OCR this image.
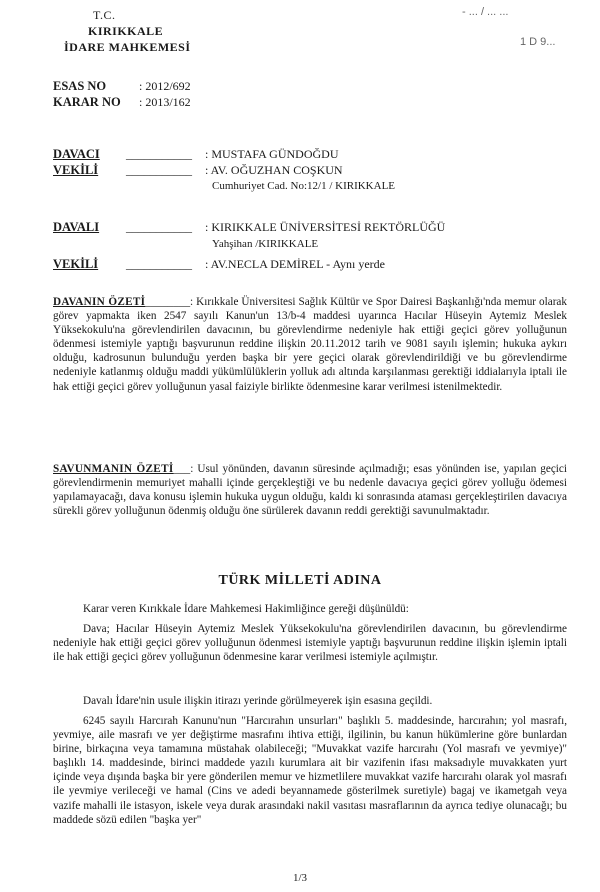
- ... / ... ...
1 D 9...
T.C.
KIRIKKALE
İDARE MAHKEMESİ
ESAS NO	: 2012/692
KARAR NO : 2013/162
DAVACI ___________ : MUSTAFA GÜNDOĞDU
VEKİLİ ___________ : AV. OĞUZHAN COŞKUN
Cumhuriyet Cad. No:12/1 / KIRIKKALE
DAVALI ___________ : KIRIKKALE ÜNİVERSİTESİ REKTÖRLÜĞÜ
Yahşihan /KIRIKKALE
VEKİLİ ___________ : AV.NECLA DEMİREL - Aynı yerde

DAVANIN ÖZETİ________: Kırıkkale Üniversitesi Sağlık Kültür ve Spor Dairesi Başkanlığı'nda memur olarak görev yapmakta iken 2547 sayılı Kanun'un 13/b-4 maddesi uyarınca Hacılar Hüseyin Aytemiz Meslek Yüksekokulu'na görevlendirilen davacının, bu görevlendirme nedeniyle hak ettiği geçici görev yolluğunun ödenmesi istemiyle yaptığı başvurunun reddine ilişkin 20.11.2012 tarih ve 9081 sayılı işlemin; hukuka aykırı olduğu, kadrosunun bulunduğu yerden başka bir yere geçici olarak görevlendirildiği ve bu görevlendirme nedeniyle katlanmış olduğu maddi yükümlülüklerin yolluk adı altında karşılanması gerektiği iddialarıyla iptali ile hak ettiği geçici görev yolluğunun yasal faiziyle birlikte ödenmesine karar verilmesi istenilmektedir.

SAVUNMANIN ÖZETİ___: Usul yönünden, davanın süresinde açılmadığı; esas yönünden ise, yapılan geçici görevlendirmenin memuriyet mahalli içinde gerçekleştiği ve bu nedenle davacıya geçici görev yolluğu ödemesi yapılamayacağı, dava konusu işlemin hukuka uygun olduğu, kaldı ki sonrasında ataması gerçekleştirilen davacıya sürekli görev yolluğunun ödenmiş olduğu öne sürülerek davanın reddi gerektiği savunulmaktadır.

TÜRK MİLLETİ ADINA
Karar veren Kırıkkale İdare Mahkemesi Hakimliğince gereği düşünüldü:
Dava; Hacılar Hüseyin Aytemiz Meslek Yüksekokulu'na görevlendirilen davacının, bu görevlendirme nedeniyle hak ettiği geçici görev yolluğunun ödenmesi istemiyle yaptığı başvurunun reddine ilişkin işlemin iptali ile hak ettiği geçici görev yolluğunun ödenmesine karar verilmesi istemiyle açılmıştır.
Davalı İdare'nin usule ilişkin itirazı yerinde görülmeyerek işin esasına geçildi.
6245 sayılı Harcırah Kanunu'nun "Harcırahın unsurları" başlıklı 5. maddesinde, harcırahın; yol masrafı, yevmiye, aile masrafı ve yer değiştirme masrafını ihtiva ettiği, ilgilinin, bu kanun hükümlerine göre bunlardan birine, birkaçına veya tamamına müstahak olabileceği; "Muvakkat vazife harcırahı (Yol masrafı ve yevmiye)" başlıklı 14. maddesinde, birinci maddede yazılı kurumlara ait bir vazifenin ifası maksadıyle muvakkaten yurt içinde veya dışında başka bir yere gönderilen memur ve hizmetlilere muvakkat vazife harcırahı olarak yol masrafı ile yevmiye verileceği ve hamal (Cins ve adedi beyannamede gösterilmek suretiyle) bagaj ve ikametgah veya vazife mahalli ile istasyon, iskele veya durak arasındaki nakil vasıtası masraflarının da ayrıca tediye olunacağı; bu maddede sözü edilen "başka yer"
1/3
